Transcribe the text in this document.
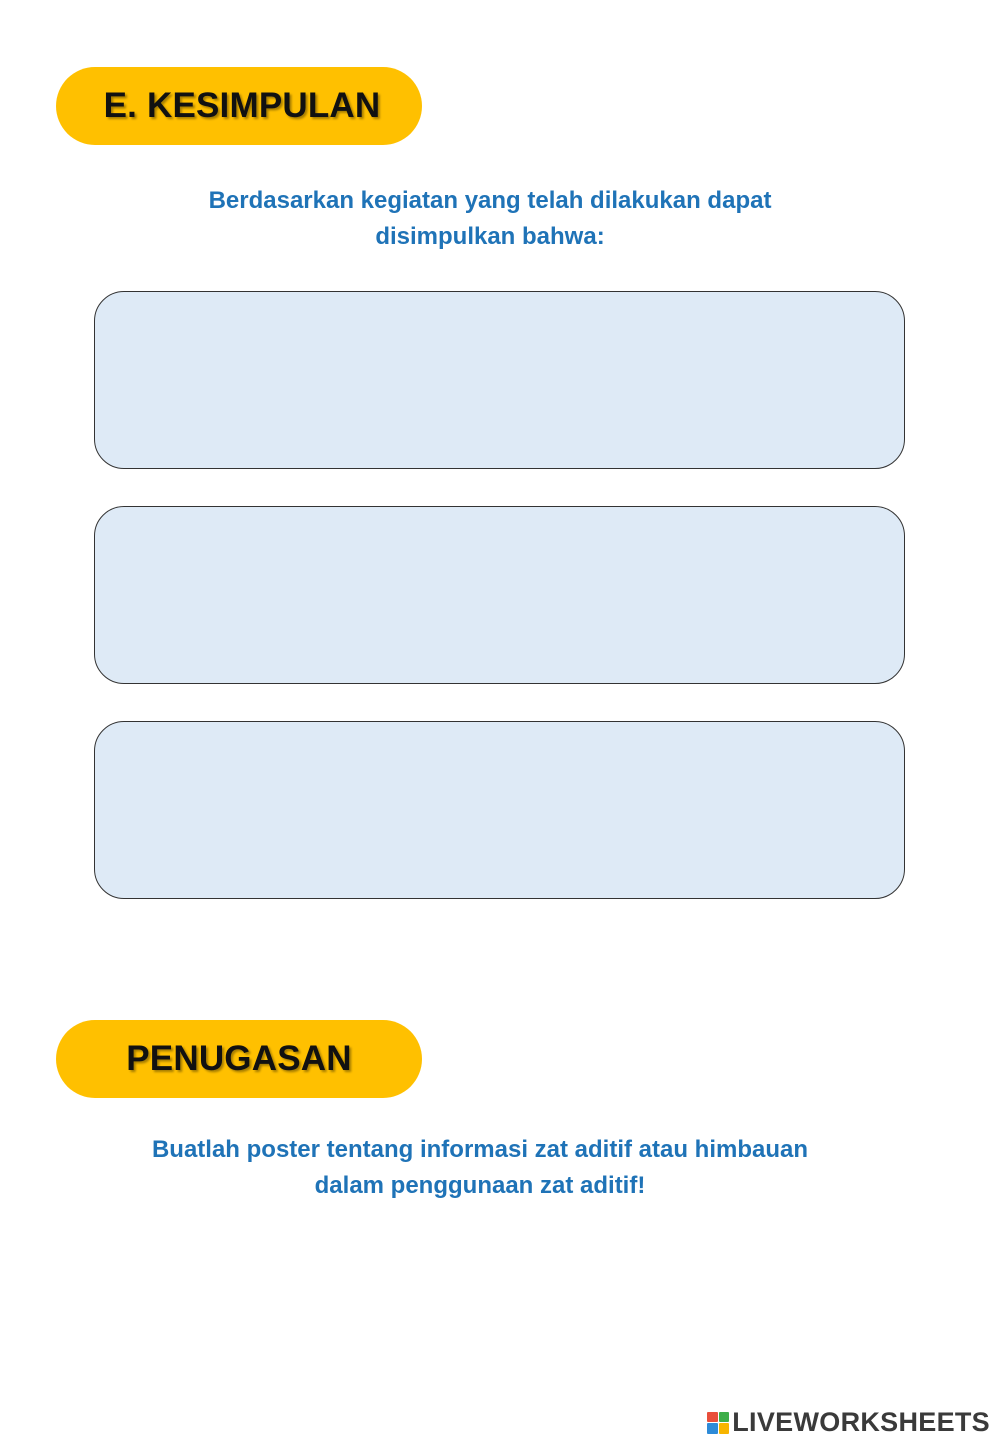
E. KESIMPULAN
Berdasarkan kegiatan yang telah dilakukan dapat disimpulkan bahwa:
PENUGASAN
Buatlah poster tentang informasi zat aditif atau himbauan dalam penggunaan zat aditif!
LIVEWORKSHEETS
